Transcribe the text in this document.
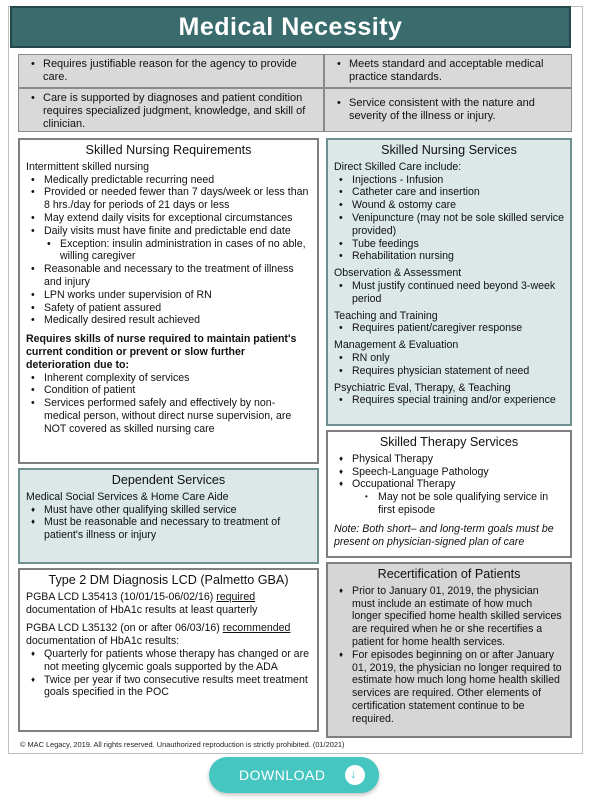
Medical Necessity
• Requires justifiable reason for the agency to provide care.
• Meets standard and acceptable medical practice standards.
• Care is supported by diagnoses and patient condition requires specialized judgment, knowledge, and skill of clinician.
• Service consistent with the nature and severity of the illness or injury.
Skilled Nursing Requirements

Intermittent skilled nursing

• Medically predictable recurring need
• Provided or needed fewer than 7 days/week or less than 8 hrs./day for periods of 21 days or less
• May extend daily visits for exceptional circumstances
• Daily visits must have finite and predictable end date
• Exception: insulin administration in cases of no able, willing caregiver
• Reasonable and necessary to the treatment of illness and injury
• LPN works under supervision of RN
• Safety of patient assured
• Medically desired result achieved

Requires skills of nurse required to maintain patient's current condition or prevent or slow further deterioration due to:

• Inherent complexity of services
• Condition of patient
• Services performed safely and effectively by non-medical person, without direct nurse supervision, are NOT covered as skilled nursing care
Skilled Nursing Services

Direct Skilled Care include:

• Injections - Infusion
• Catheter care and insertion
• Wound & ostomy care
• Venipuncture (may not be sole skilled service provided)
• Tube feedings
• Rehabilitation nursing

Observation & Assessment

• Must justify continued need beyond 3-week period

Teaching and Training

• Requires patient/caregiver response

Management & Evaluation

• RN only
• Requires physician statement of need

Psychiatric Eval, Therapy, & Teaching

• Requires special training and/or experience
Skilled Therapy Services
♦ Physical Therapy
♦ Speech-Language Pathology
♦ Occupational Therapy
• May not be sole qualifying service in first episode

Note: Both short– and long-term goals must be present on physician-signed plan of care

Dependent Services

Medical Social Services & Home Care Aide

♦ Must have other qualifying skilled service
♦ Must be reasonable and necessary to treatment of patient's illness or injury
Type 2 DM Diagnosis LCD (Palmetto GBA)

PGBA LCD L35413 (10/01/15-06/02/16) required documentation of HbA1c results at least quarterly

PGBA LCD L35132 (on or after 06/03/16) recommended documentation of HbA1c results:

♦ Quarterly for patients whose therapy has changed or are not meeting glycemic goals supported by the ADA
♦ Twice per year if two consecutive results meet treatment goals specified in the POC
Recertification of Patients
♦ Prior to January 01, 2019, the physician must include an estimate of how much longer specified home health skilled services are required when he or she recertifies a patient for home health services.
♦ For episodes beginning on or after January 01, 2019, the physician no longer required to estimate how much long home health skilled services are required. Other elements of certification statement continue to be required.
© MAC Legacy, 2019. All rights reserved. Unauthorized reproduction is strictly prohibited. (01/2021)
DOWNLOAD
↓
